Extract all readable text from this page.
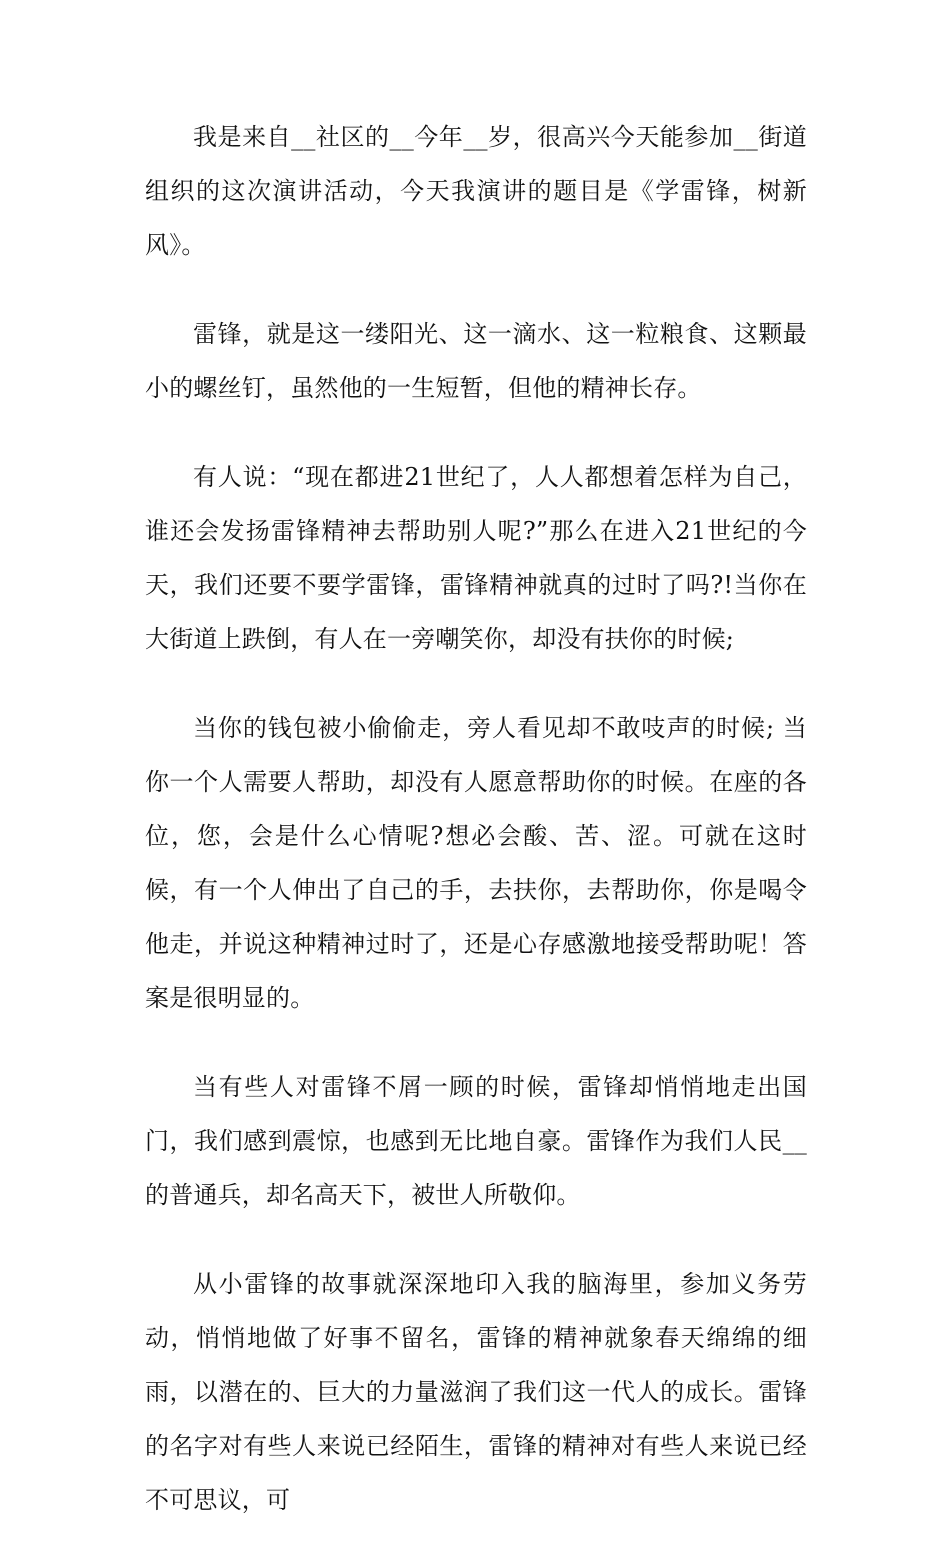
我是来自__社区的__今年__岁，很高兴今天能参加__街道组织的这次演讲活动，今天我演讲的题目是《学雷锋，树新风》。

雷锋，就是这一缕阳光、这一滴水、这一粒粮食、这颗最小的螺丝钉，虽然他的一生短暂，但他的精神长存。

有人说：“现在都进21世纪了，人人都想着怎样为自己，谁还会发扬雷锋精神去帮助别人呢?”那么在进入21世纪的今天，我们还要不要学雷锋，雷锋精神就真的过时了吗?!当你在大街道上跌倒，有人在一旁嘲笑你，却没有扶你的时候;

当你的钱包被小偷偷走，旁人看见却不敢吱声的时候; 当你一个人需要人帮助，却没有人愿意帮助你的时候。在座的各位，您，会是什么心情呢?想必会酸、苦、涩。可就在这时候，有一个人伸出了自己的手，去扶你，去帮助你，你是喝令他走，并说这种精神过时了，还是心存感激地接受帮助呢！答案是很明显的。

当有些人对雷锋不屑一顾的时候，雷锋却悄悄地走出国门，我们感到震惊，也感到无比地自豪。雷锋作为我们人民__的普通兵，却名高天下，被世人所敬仰。

从小雷锋的故事就深深地印入我的脑海里，参加义务劳动，悄悄地做了好事不留名，雷锋的精神就象春天绵绵的细雨，以潜在的、巨大的力量滋润了我们这一代人的成长。雷锋的名字对有些人来说已经陌生，雷锋的精神对有些人来说已经不可思议，可
